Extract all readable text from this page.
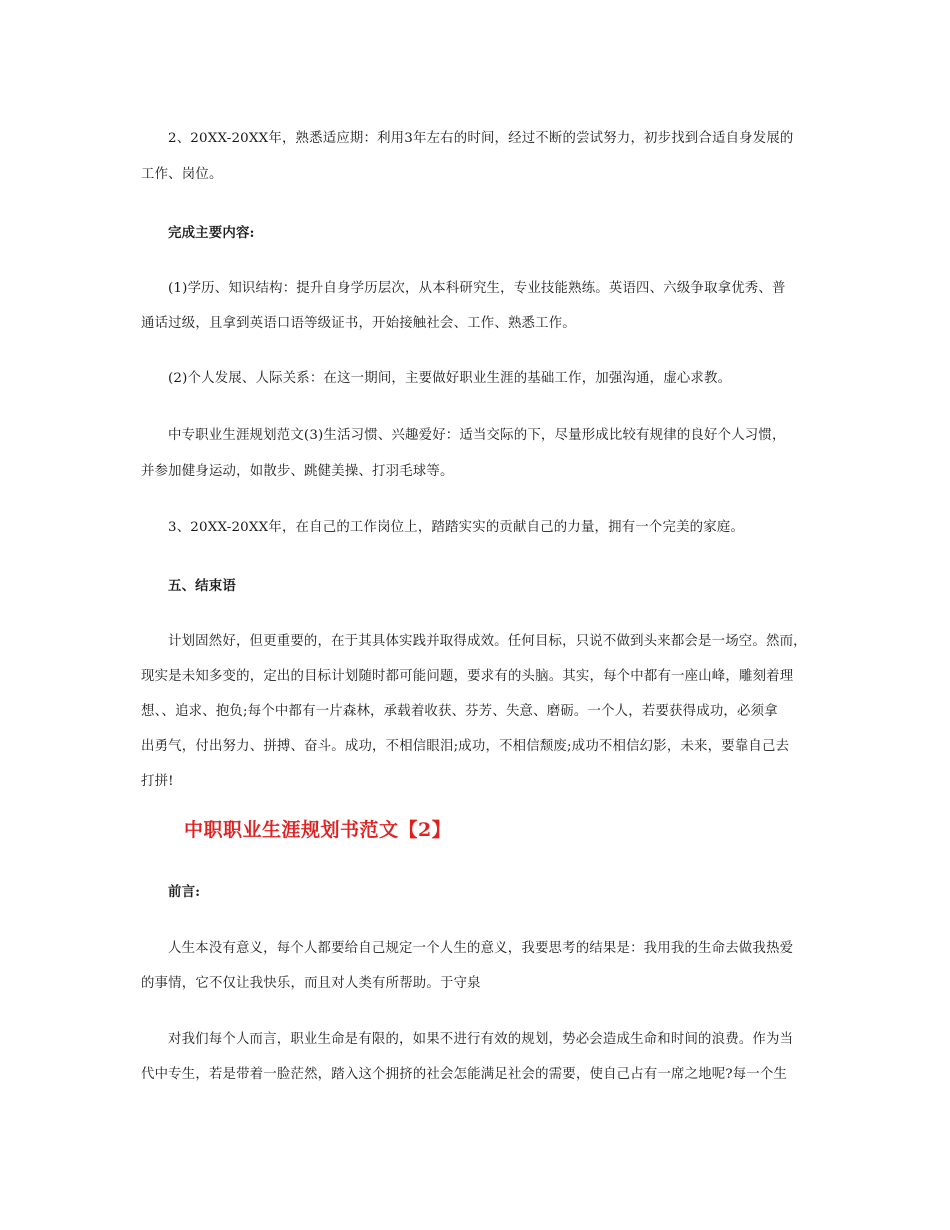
2、20XX-20XX年，熟悉适应期：利用3年左右的时间，经过不断的尝试努力，初步找到合适自身发展的
工作、岗位。
完成主要内容:
(1)学历、知识结构：提升自身学历层次，从本科研究生，专业技能熟练。英语四、六级争取拿优秀、普
通话过级，且拿到英语口语等级证书，开始接触社会、工作、熟悉工作。
(2)个人发展、人际关系：在这一期间，主要做好职业生涯的基础工作，加强沟通，虚心求教。
中专职业生涯规划范文(3)生活习惯、兴趣爱好：适当交际的下，尽量形成比较有规律的良好个人习惯，
并参加健身运动，如散步、跳健美操、打羽毛球等。
3、20XX-20XX年，在自己的工作岗位上，踏踏实实的贡献自己的力量，拥有一个完美的家庭。
五、结束语
计划固然好，但更重要的，在于其具体实践并取得成效。任何目标，只说不做到头来都会是一场空。然而，
现实是未知多变的，定出的目标计划随时都可能问题，要求有的头脑。其实，每个中都有一座山峰，雕刻着理
想、、追求、抱负;每个中都有一片森林，承载着收获、芬芳、失意、磨砺。一个人，若要获得成功，必须拿
出勇气，付出努力、拼搏、奋斗。成功，不相信眼泪;成功，不相信颓废;成功不相信幻影，未来，要靠自己去
打拼!
中职职业生涯规划书范文【2】
前言:
人生本没有意义，每个人都要给自己规定一个人生的意义，我要思考的结果是：我用我的生命去做我热爱
的事情，它不仅让我快乐，而且对人类有所帮助。于守泉
对我们每个人而言，职业生命是有限的，如果不进行有效的规划，势必会造成生命和时间的浪费。作为当
代中专生，若是带着一脸茫然，踏入这个拥挤的社会怎能满足社会的需要，使自己占有一席之地呢?每一个生
